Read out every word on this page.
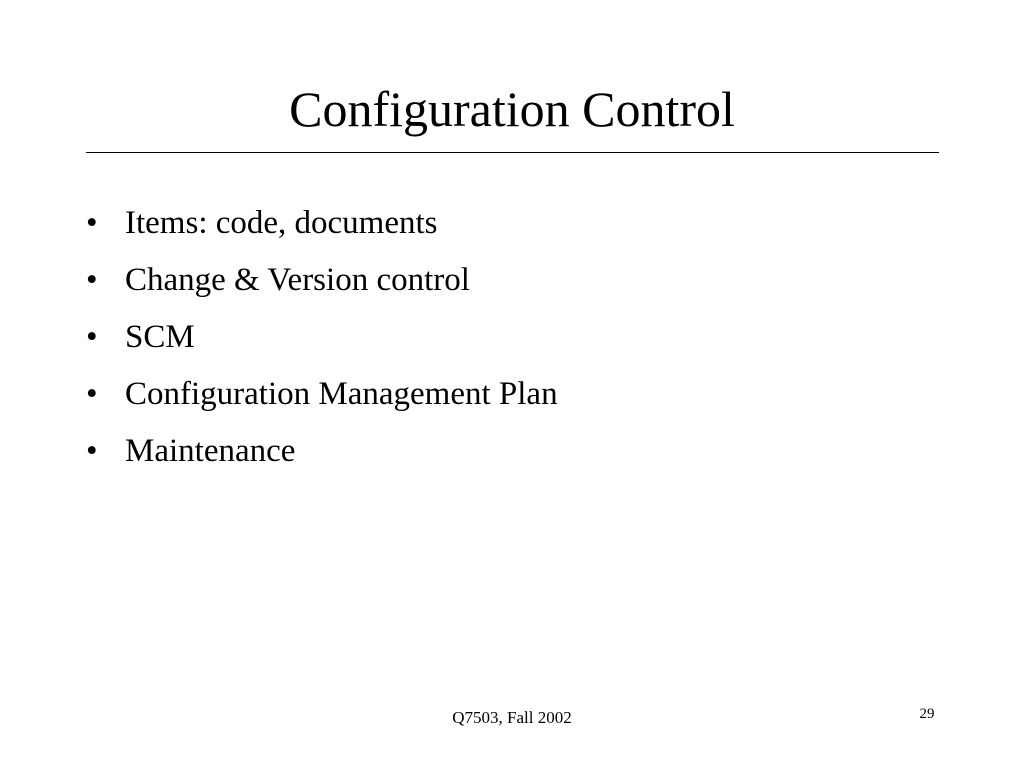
Configuration Control
• Items: code, documents
• Change & Version control
• SCM
• Configuration Management Plan
• Maintenance
Q7503, Fall 2002	29
